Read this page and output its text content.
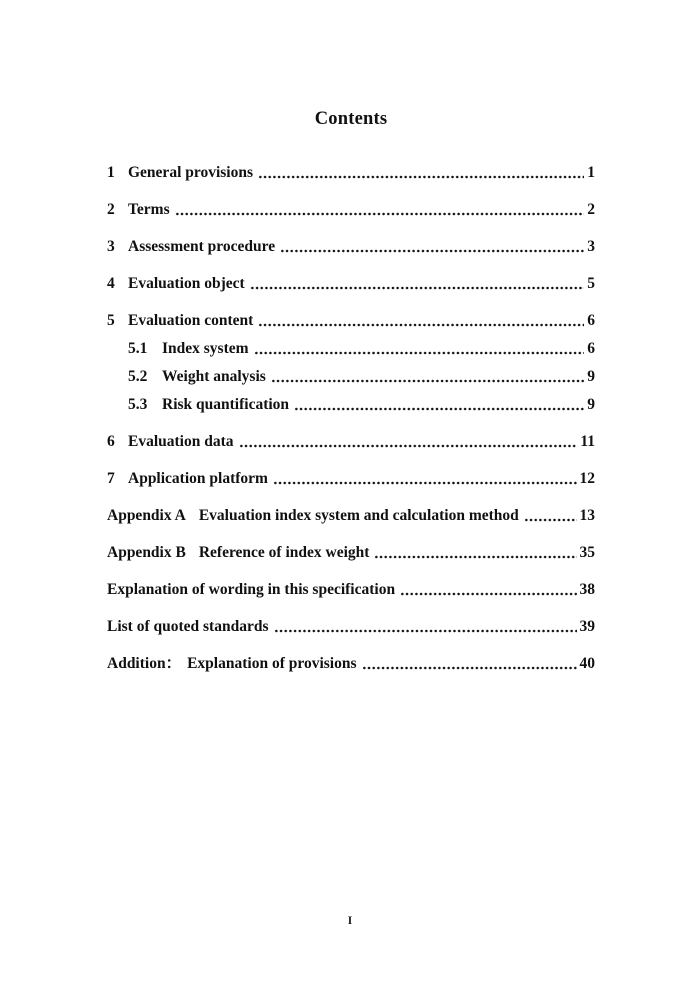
Contents
1 General provisions	1
2 Terms	2
3 Assessment procedure	3
4 Evaluation object	5
5 Evaluation content	6
5.1 Index system	6
5.2 Weight analysis	9
5.3 Risk quantification	9
6 Evaluation data	11
7 Application platform	12
Appendix A Evaluation index system and calculation method	13
Appendix B Reference of index weight	35
Explanation of wording in this specification	38
List of quoted standards	39
Addition： Explanation of provisions	40
I
